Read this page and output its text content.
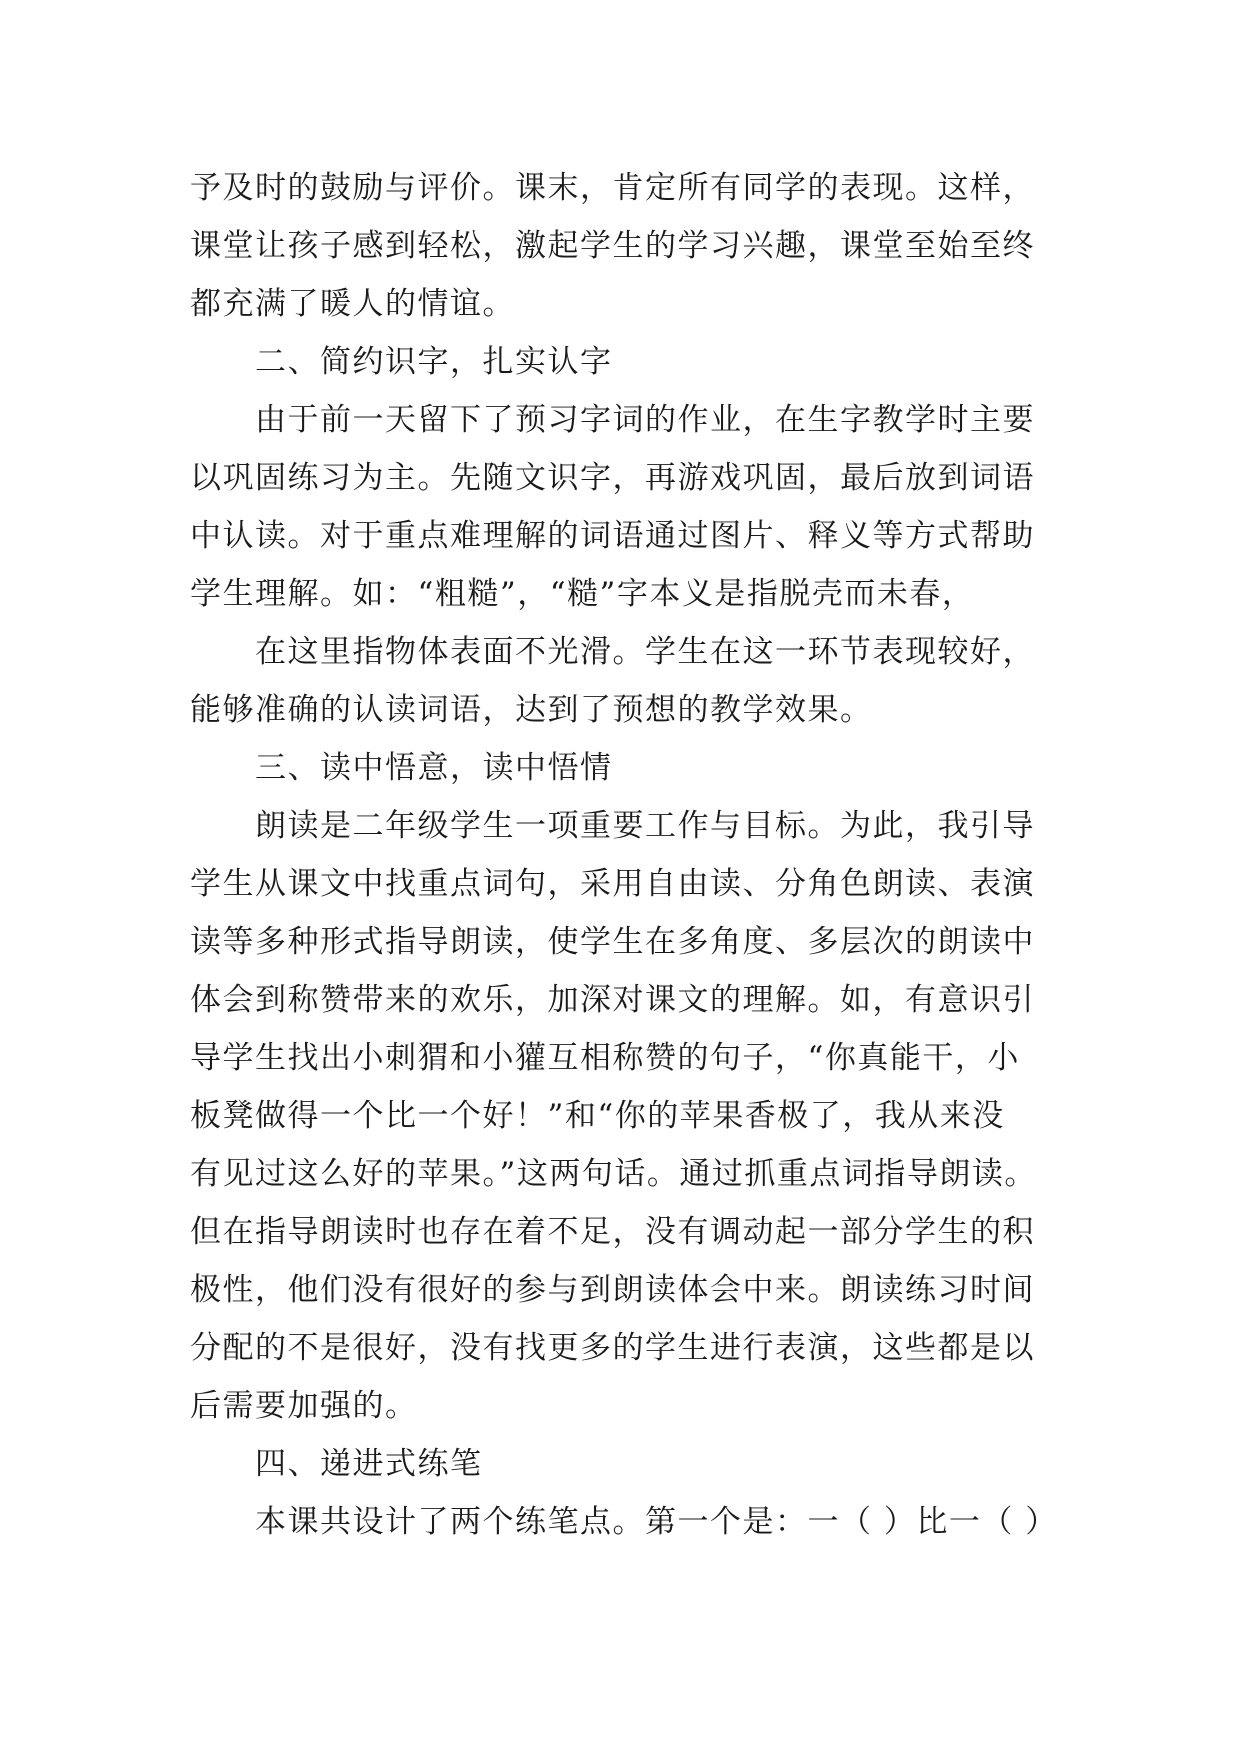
予及时的鼓励与评价。课末，肯定所有同学的表现。这样，
课堂让孩子感到轻松，激起学生的学习兴趣，课堂至始至终
都充满了暖人的情谊。
二、简约识字，扎实认字
由于前一天留下了预习字词的作业，在生字教学时主要
以巩固练习为主。先随文识字，再游戏巩固，最后放到词语
中认读。对于重点难理解的词语通过图片、释义等方式帮助
学生理解。如：“粗糙”，“糙”字本义是指脱壳而未春，
在这里指物体表面不光滑。学生在这一环节表现较好，
能够准确的认读词语，达到了预想的教学效果。
三、读中悟意，读中悟情
朗读是二年级学生一项重要工作与目标。为此，我引导
学生从课文中找重点词句，采用自由读、分角色朗读、表演
读等多种形式指导朗读，使学生在多角度、多层次的朗读中
体会到称赞带来的欢乐，加深对课文的理解。如，有意识引
导学生找出小刺猬和小獾互相称赞的句子，“你真能干，小
板凳做得一个比一个好！”和“你的苹果香极了，我从来没
有见过这么好的苹果。”这两句话。通过抓重点词指导朗读。
但在指导朗读时也存在着不足，没有调动起一部分学生的积
极性，他们没有很好的参与到朗读体会中来。朗读练习时间
分配的不是很好，没有找更多的学生进行表演，这些都是以
后需要加强的。
四、递进式练笔
本课共设计了两个练笔点。第一个是：一（ ）比一（ ）
